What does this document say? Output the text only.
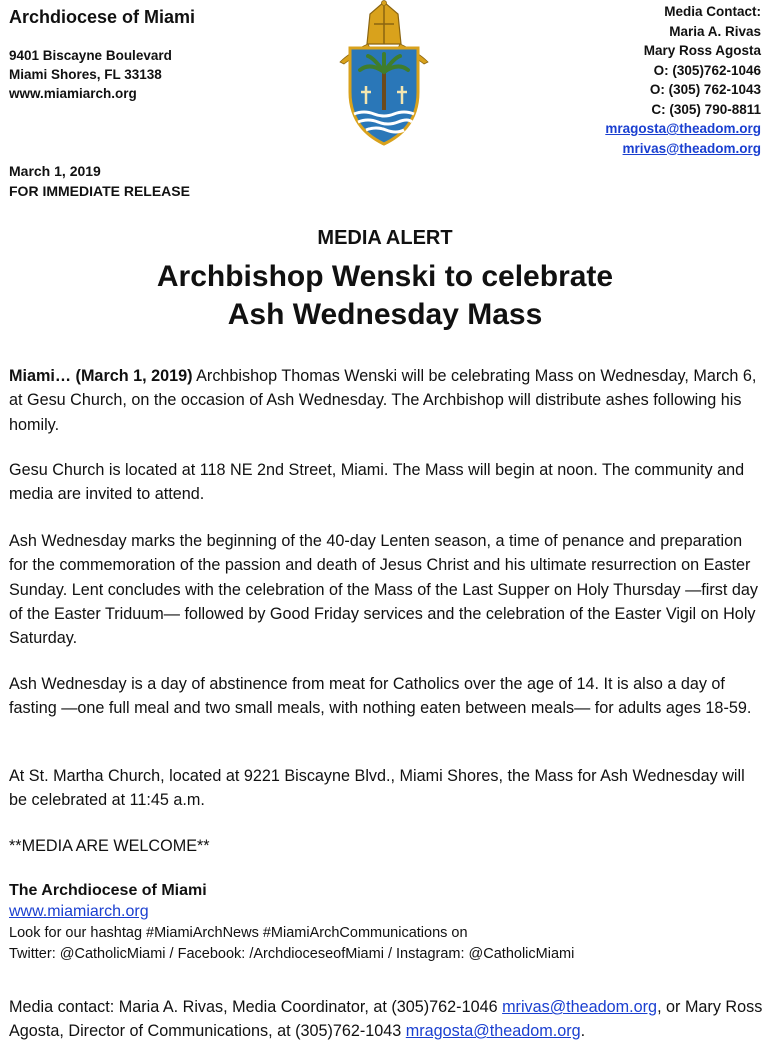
Archdiocese of Miami
9401 Biscayne Boulevard
Miami Shores, FL 33138
www.miamiarch.org
Media Contact:
Maria A. Rivas
Mary Ross Agosta
O: (305)762-1046
O: (305) 762-1043
C: (305) 790-8811
mragosta@theadom.org
mrivas@theadom.org
March 1, 2019
FOR IMMEDIATE RELEASE
MEDIA ALERT
Archbishop Wenski to celebrate
Ash Wednesday Mass
Miami… (March 1, 2019) Archbishop Thomas Wenski will be celebrating Mass on Wednesday, March 6, at Gesu Church, on the occasion of Ash Wednesday. The Archbishop will distribute ashes following his homily.
Gesu Church is located at 118 NE 2nd Street, Miami. The Mass will begin at noon. The community and media are invited to attend.
Ash Wednesday marks the beginning of the 40-day Lenten season, a time of penance and preparation for the commemoration of the passion and death of Jesus Christ and his ultimate resurrection on Easter Sunday. Lent concludes with the celebration of the Mass of the Last Supper on Holy Thursday —first day of the Easter Triduum— followed by Good Friday services and the celebration of the Easter Vigil on Holy Saturday.
Ash Wednesday is a day of abstinence from meat for Catholics over the age of 14. It is also a day of fasting —one full meal and two small meals, with nothing eaten between meals— for adults ages 18-59.
At St. Martha Church, located at 9221 Biscayne Blvd., Miami Shores, the Mass for Ash Wednesday will be celebrated at 11:45 a.m.
**MEDIA ARE WELCOME**
The Archdiocese of Miami
www.miamiarch.org
Look for our hashtag #MiamiArchNews #MiamiArchCommunications on
Twitter: @CatholicMiami / Facebook: /ArchdioceseofMiami / Instagram: @CatholicMiami
Media contact: Maria A. Rivas, Media Coordinator, at (305)762-1046 mrivas@theadom.org, or Mary Ross Agosta, Director of Communications, at (305)762-1043 mragosta@theadom.org.
